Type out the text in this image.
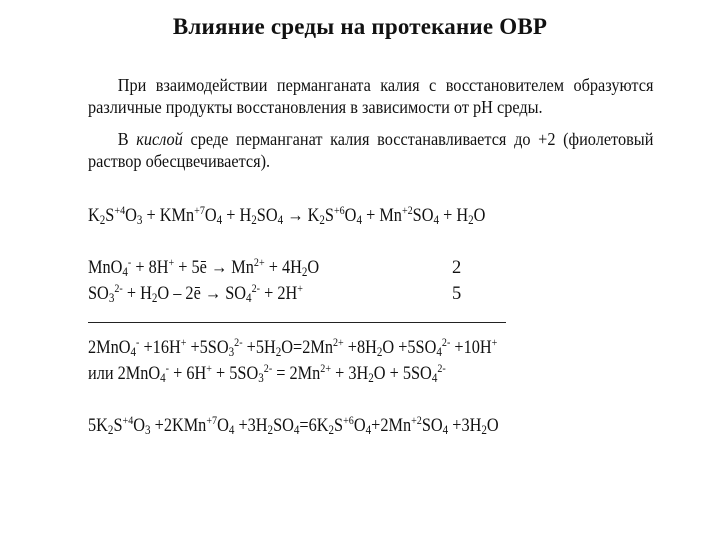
Влияние среды на протекание ОВР
При взаимодействии перманганата калия с восстановителем образуются различные продукты восстановления в зависимости от pH среды.
В кислой среде перманганат калия восстанавливается до +2 (фиолетовый раствор обесцвечивается).
$K_2S^{+4}O_3 + KMn^{+7}O_4 + H_2SO_4 \to K_2S^{+6}O_4 + Mn^{+2}SO_4 + H_2O$
MnO$_4$- + 8H+ + 5ē → $Mn^{2+} + 4H_2O$	2
$SO_3^{2-} + H_2O$ – 2ē → $SO_4^{2-} + 2H^+$	5
$2MnO_4^- +16H^+ +5SO_3^{2-} +5H_2O=2Mn^{2+} +8H_2O +5SO_4^{2-} +10H^+$
или $2MnO_4^- + 6H^+ + 5SO_3^{2-} = 2Mn^{2+} + 3H_2O + 5SO_4^{2-}$
$5K_2S^{+4}O_3 +2KMn^{+7}O_4 +3H_2SO_4=6K_2S^{+6}O_4+2Mn^{+2}SO_4 +3H_2O$
